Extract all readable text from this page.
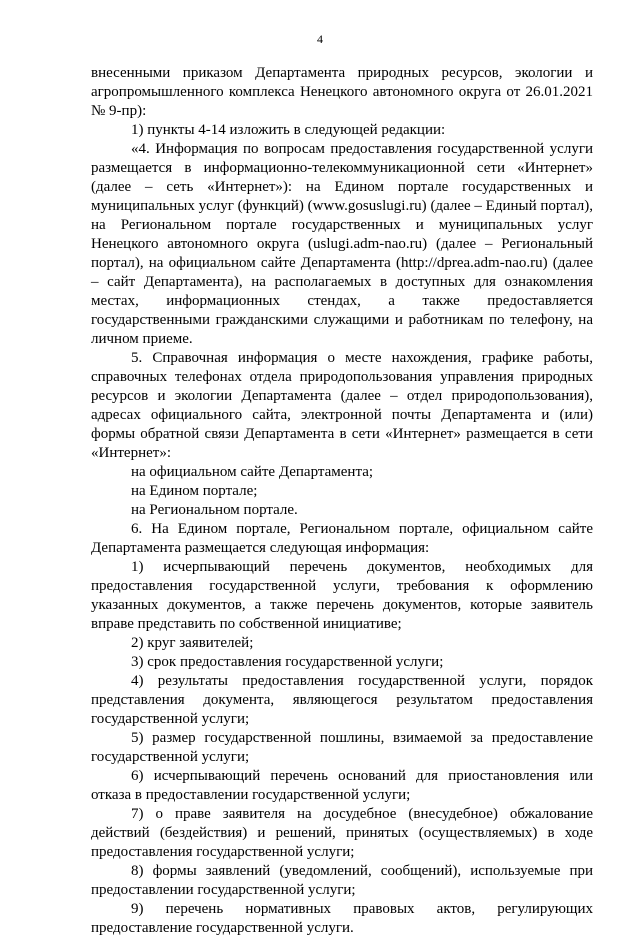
4

внесенными приказом Департамента природных ресурсов, экологии и агропромышленного комплекса Ненецкого автономного округа от 26.01.2021 № 9-пр):

1) пункты 4-14 изложить в следующей редакции:

«4. Информация по вопросам предоставления государственной услуги размещается в информационно-телекоммуникационной сети «Интернет» (далее – сеть «Интернет»): на Едином портале государственных и муниципальных услуг (функций) (www.gosuslugi.ru) (далее – Единый портал), на Региональном портале государственных и муниципальных услуг Ненецкого автономного округа (uslugi.adm-nao.ru) (далее – Региональный портал), на официальном сайте Департамента (http://dprea.adm-nao.ru) (далее – сайт Департамента), на располагаемых в доступных для ознакомления местах, информационных стендах, а также предоставляется государственными гражданскими служащими и работникам по телефону, на личном приеме.

5. Справочная информация о месте нахождения, графике работы, справочных телефонах отдела природопользования управления природных ресурсов и экологии Департамента (далее – отдел природопользования), адресах официального сайта, электронной почты Департамента и (или) формы обратной связи Департамента в сети «Интернет» размещается в сети «Интернет»:

на официальном сайте Департамента;

на Едином портале;

на Региональном портале.

6. На Едином портале, Региональном портале, официальном сайте Департамента размещается следующая информация:

1) исчерпывающий перечень документов, необходимых для предоставления государственной услуги, требования к оформлению указанных документов, а также перечень документов, которые заявитель вправе представить по собственной инициативе;

2) круг заявителей;

3) срок предоставления государственной услуги;

4) результаты предоставления государственной услуги, порядок представления документа, являющегося результатом предоставления государственной услуги;

5) размер государственной пошлины, взимаемой за предоставление государственной услуги;

6) исчерпывающий перечень оснований для приостановления или отказа в предоставлении государственной услуги;

7) о праве заявителя на досудебное (внесудебное) обжалование действий (бездействия) и решений, принятых (осуществляемых) в ходе предоставления государственной услуги;

8) формы заявлений (уведомлений, сообщений), используемые при предоставлении государственной услуги;

9) перечень нормативных правовых актов, регулирующих предоставление государственной услуги.
